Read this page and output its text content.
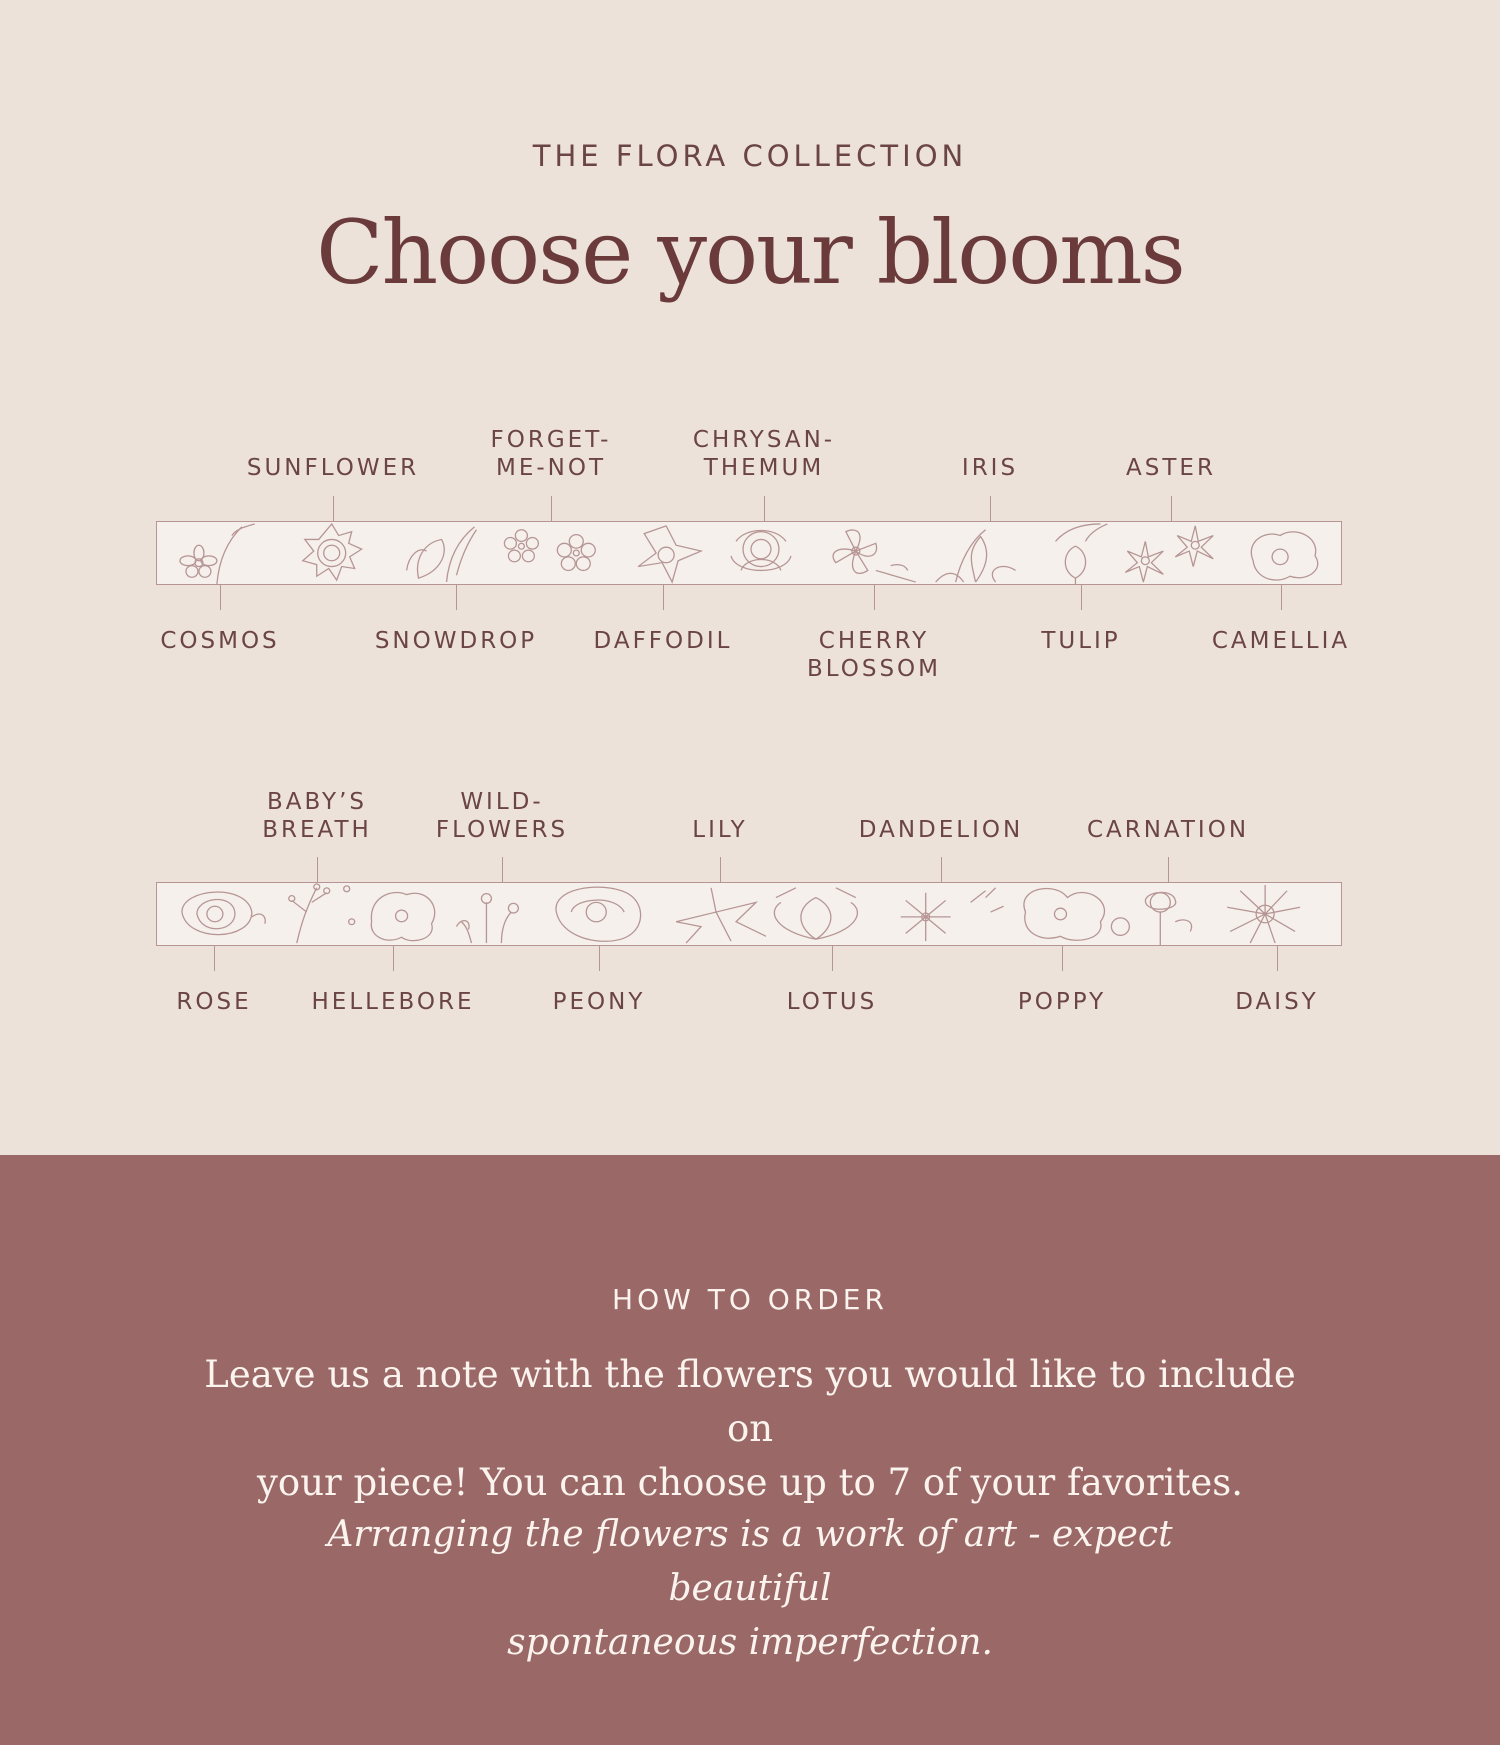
THE FLORA COLLECTION
Choose your blooms
SUNFLOWER
FORGET-
ME-NOT
CHRYSAN-
THEMUM	IRIS	ASTER
COSMOS	SNOWDROP	DAFFODIL	CHERRY
BLOSSOM
TULIP	CAMELLIA
BABY’S
BREATH
WILD-
FLOWERS	LILY	DANDELION	CARNATION
ROSE	HELLEBORE	PEONY	LOTUS	POPPY	DAISY
HOW TO ORDER
Leave us a note with the flowers you would like to include on
your piece! You can choose up to 7 of your favorites.
Arranging the flowers is a work of art - expect beautiful
spontaneous imperfection.
